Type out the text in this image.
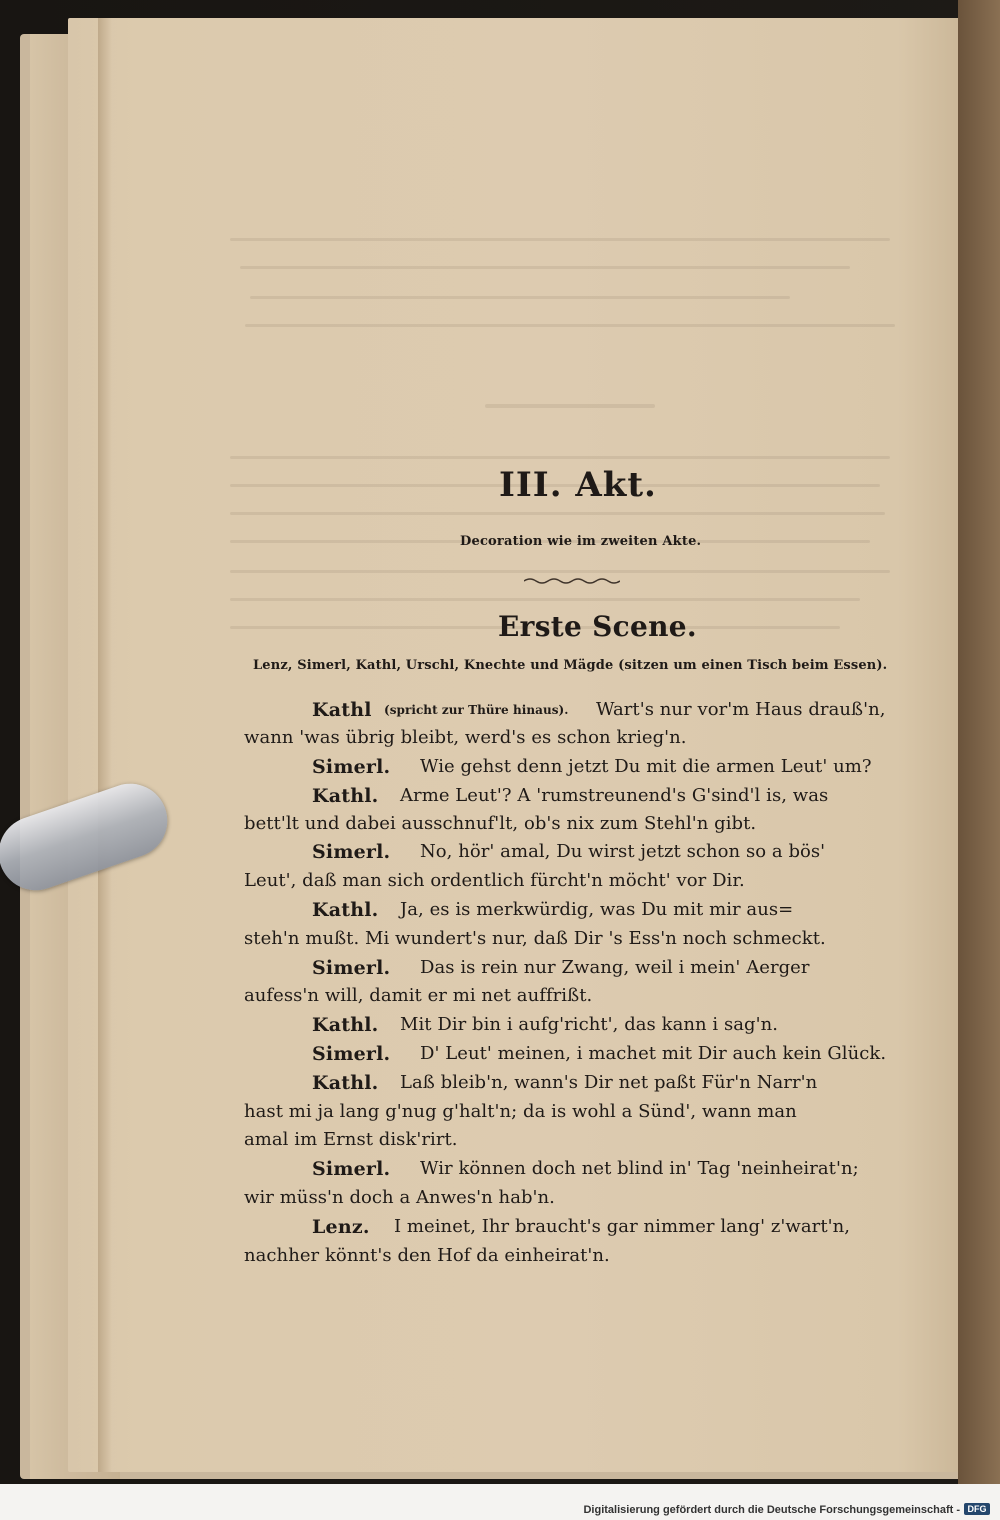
III. Akt.
Decoration wie im zweiten Akte.
Erste Scene.
Lenz, Simerl, Kathl, Urschl, Knechte und Mägde (sitzen um einen Tisch beim Essen).
Kathl (spricht zur Thüre hinaus). Wart's nur vor'm Haus drauß'n,
wann 'was übrig bleibt, werd's es schon krieg'n.
Simerl. Wie gehst denn jetzt Du mit die armen Leut' um?
Kathl. Arme Leut'? A 'rumstreunend's G'sind'l is, was
bett'lt und dabei ausschnuf'lt, ob's nix zum Stehl'n gibt.
Simerl. No, hör' amal, Du wirst jetzt schon so a bös'
Leut', daß man sich ordentlich fürcht'n möcht' vor Dir.
Kathl. Ja, es is merkwürdig, was Du mit mir aus=
steh'n mußt. Mi wundert's nur, daß Dir 's Ess'n noch schmeckt.
Simerl. Das is rein nur Zwang, weil i mein' Aerger
aufess'n will, damit er mi net auffrißt.
Kathl. Mit Dir bin i aufg'richt', das kann i sag'n.
Simerl. D' Leut' meinen, i machet mit Dir auch kein Glück.
Kathl. Laß bleib'n, wann's Dir net paßt Für'n Narr'n
hast mi ja lang g'nug g'halt'n; da is wohl a Sünd', wann man
amal im Ernst disk'rirt.
Simerl. Wir können doch net blind in' Tag 'neinheirat'n;
wir müss'n doch a Anwes'n hab'n.
Lenz. I meinet, Ihr braucht's gar nimmer lang' z'wart'n,
nachher könnt's den Hof da einheirat'n.
Digitalisierung gefördert durch die Deutsche Forschungsgemeinschaft - DFG
